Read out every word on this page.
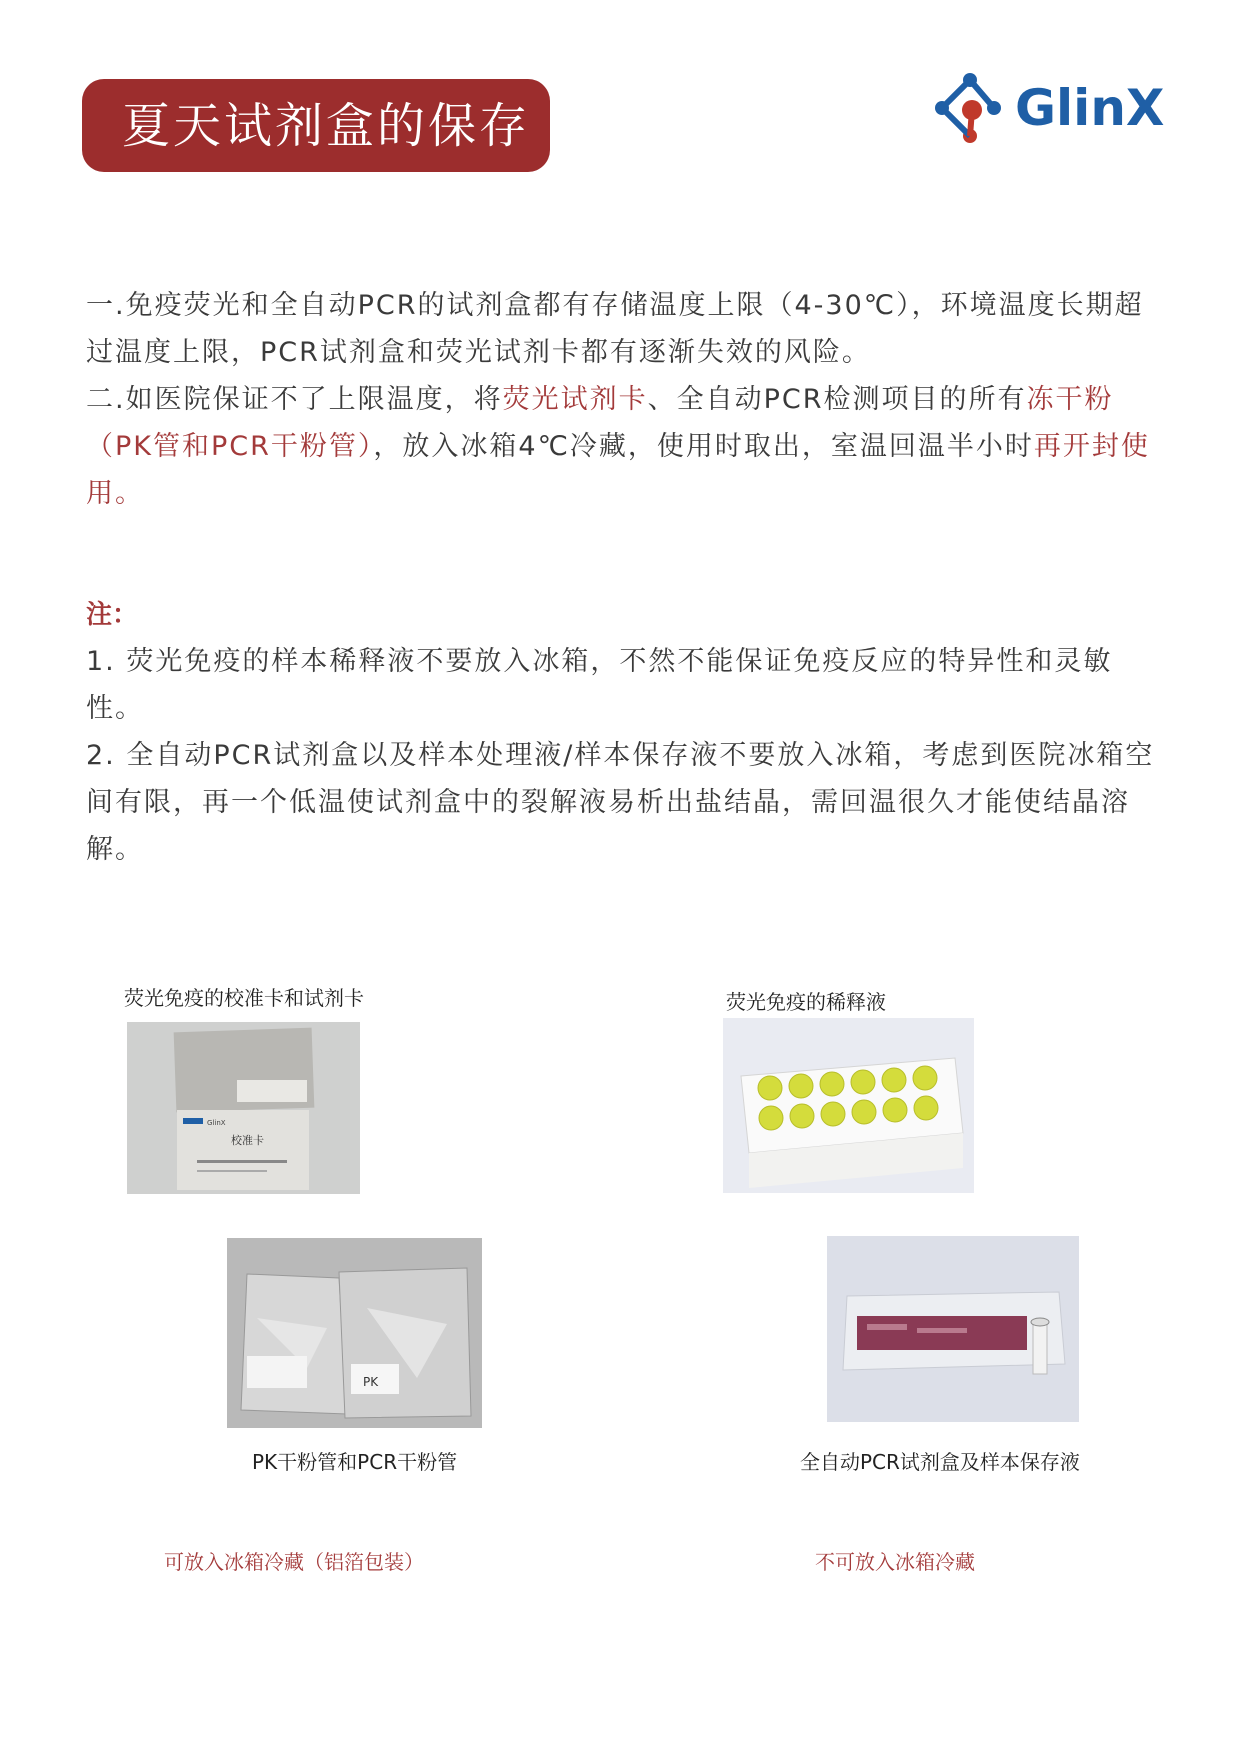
夏天试剂盒的保存	GlinX
一.免疫荧光和全自动PCR的试剂盒都有存储温度上限（4-30℃），环境温度长期超过温度上限，PCR试剂盒和荧光试剂卡都有逐渐失效的风险。
二.如医院保证不了上限温度，将荧光试剂卡、全自动PCR检测项目的所有冻干粉（PK管和PCR干粉管），放入冰箱4℃冷藏，使用时取出，室温回温半小时再开封使用。
注：
1. 荧光免疫的样本稀释液不要放入冰箱，不然不能保证免疫反应的特异性和灵敏性。
2. 全自动PCR试剂盒以及样本处理液/样本保存液不要放入冰箱，考虑到医院冰箱空间有限，再一个低温使试剂盒中的裂解液易析出盐结晶，需回温很久才能使结晶溶解。
荧光免疫的校准卡和试剂卡	荧光免疫的稀释液
GlinX
校准卡
PK
PK干粉管和PCR干粉管	全自动PCR试剂盒及样本保存液
可放入冰箱冷藏（铝箔包装）	不可放入冰箱冷藏
